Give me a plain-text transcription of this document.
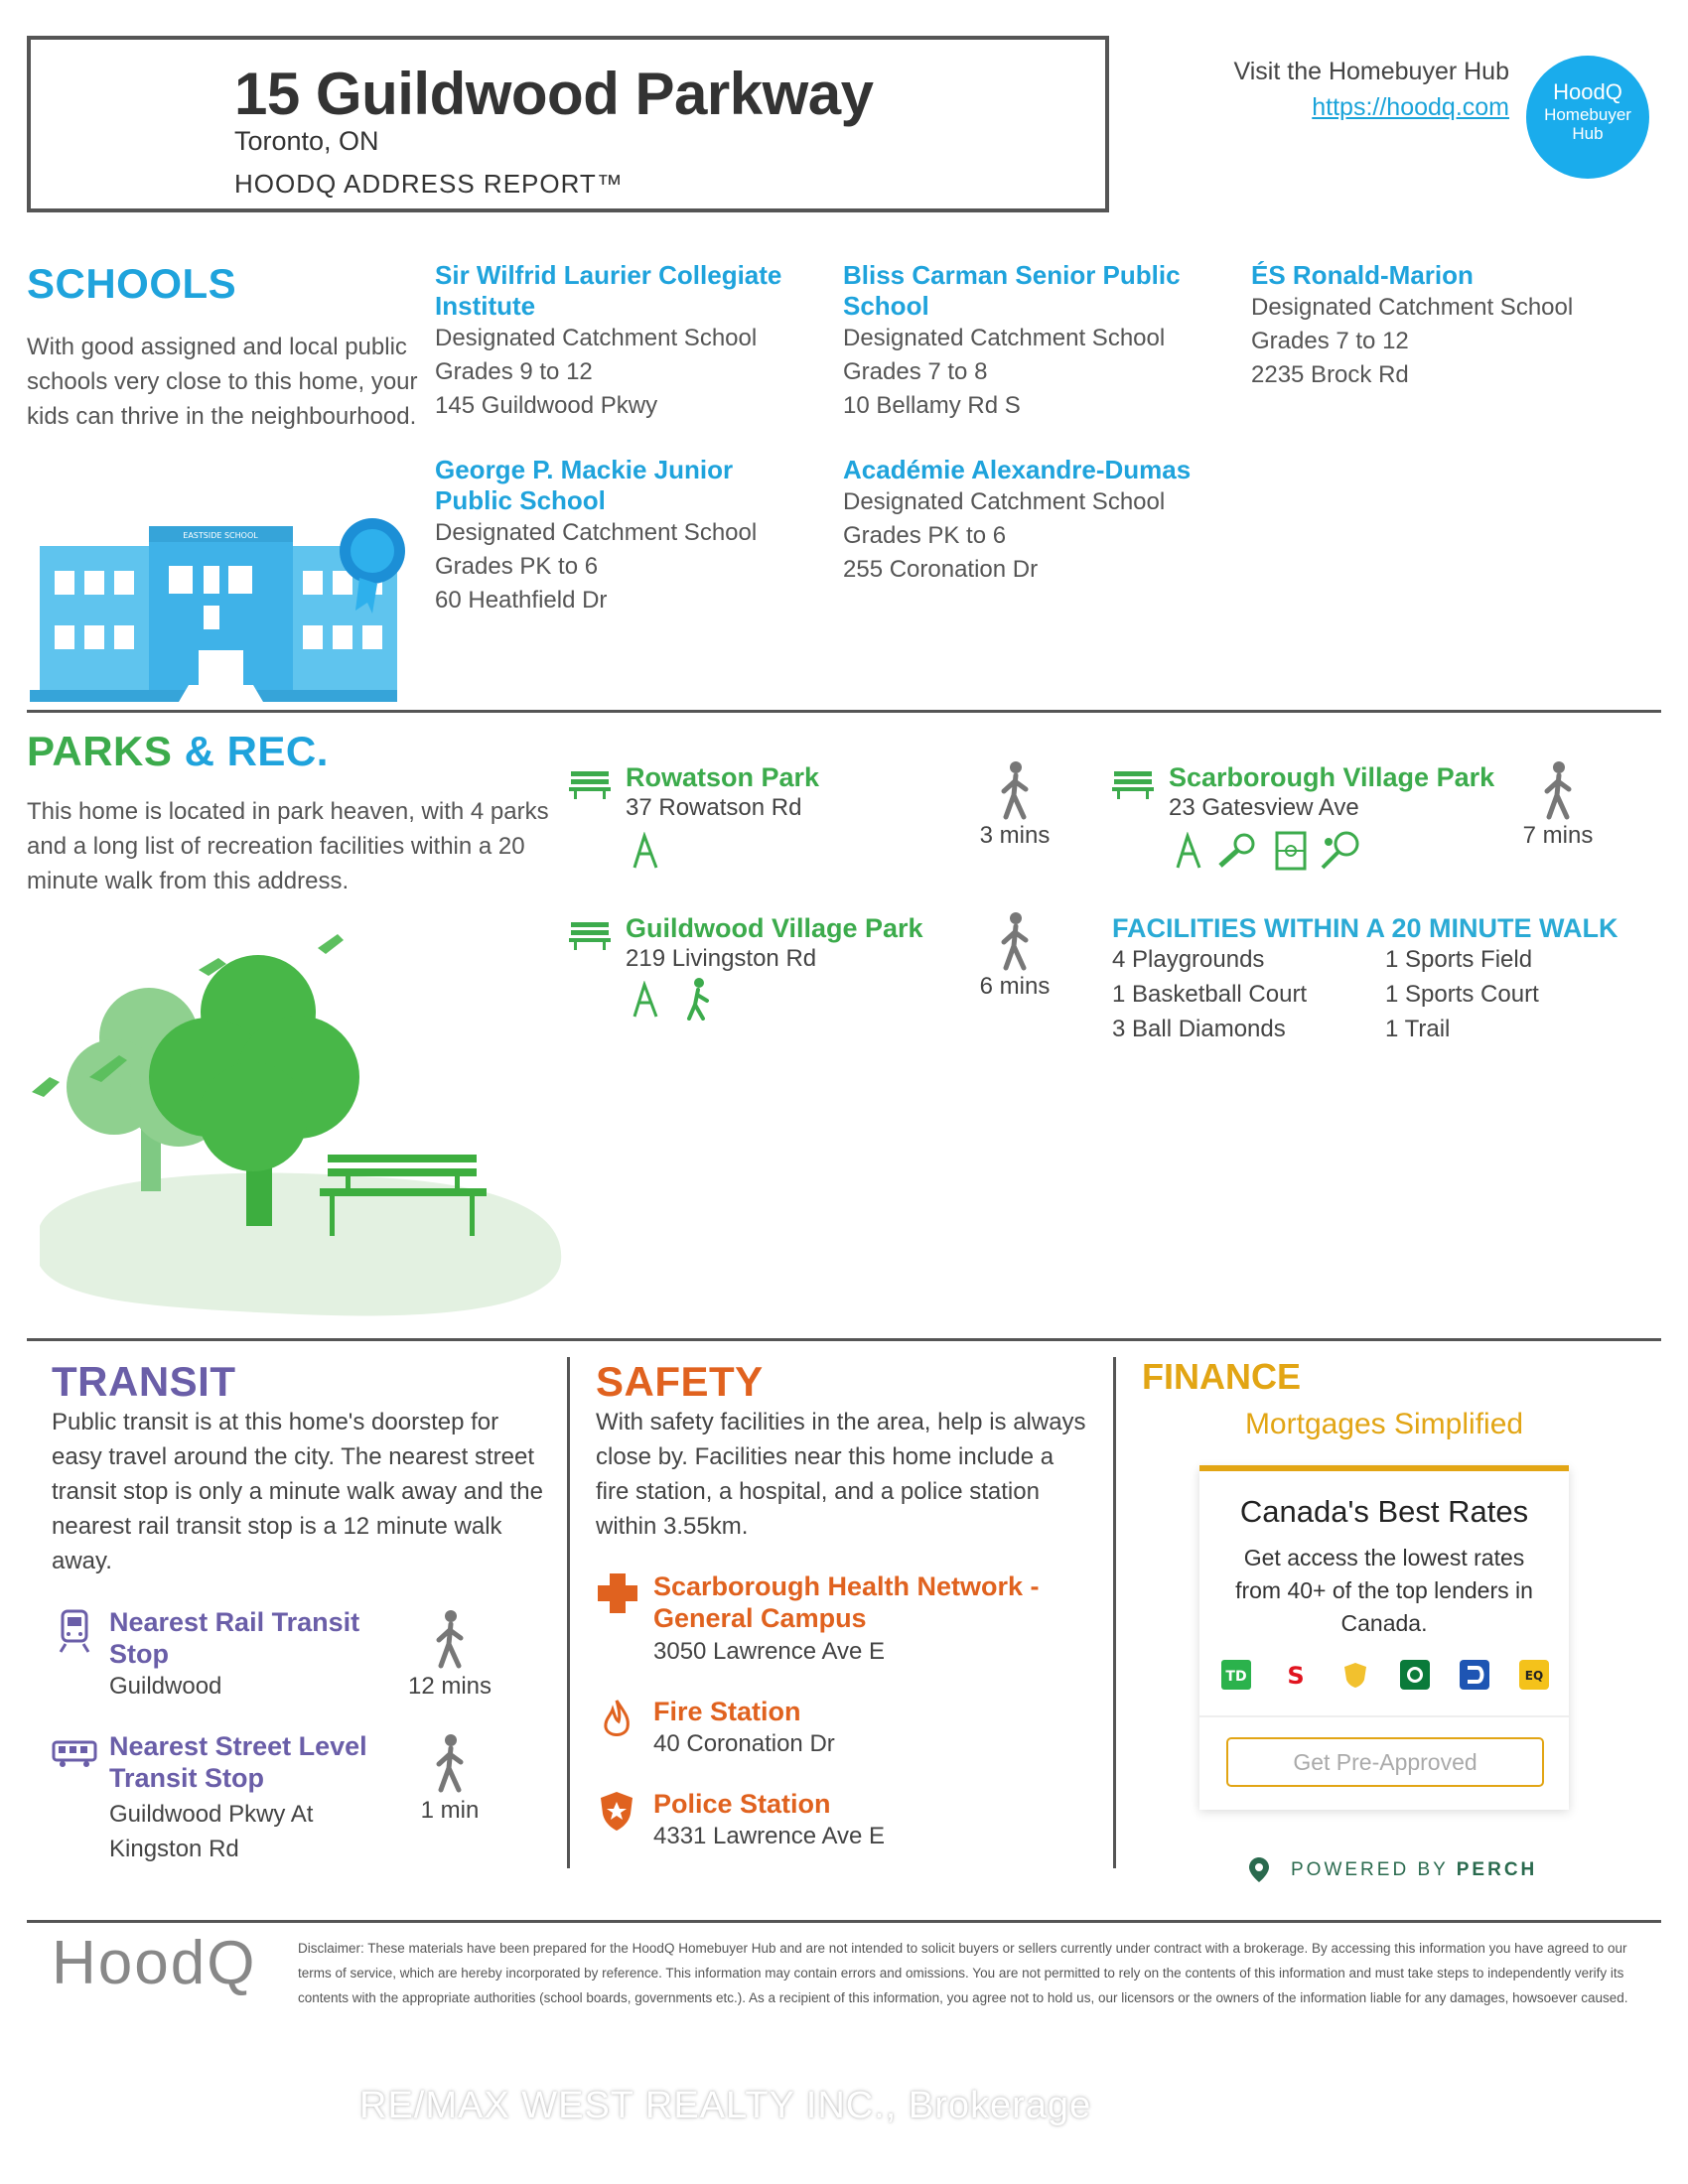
15 Guildwood Parkway
Toronto, ON
HOODQ ADDRESS REPORT™
Visit the Homebuyer Hub
https://hoodq.com
HoodQ
Homebuyer
Hub
SCHOOLS
With good assigned and local public schools very close to this home, your kids can thrive in the neighbourhood.
EASTSIDE SCHOOL
Sir Wilfrid Laurier Collegiate Institute
Designated Catchment School
Grades 9 to 12
145 Guildwood Pkwy
Bliss Carman Senior Public School
Designated Catchment School
Grades 7 to 8
10 Bellamy Rd S
ÉS Ronald-Marion
Designated Catchment School
Grades 7 to 12
2235 Brock Rd
George P. Mackie Junior Public School
Designated Catchment School
Grades PK to 6
60 Heathfield Dr
Académie Alexandre-Dumas
Designated Catchment School
Grades PK to 6
255 Coronation Dr
PARKS & REC.
This home is located in park heaven, with 4 parks and a long list of recreation facilities within a 20 minute walk from this address.
Rowatson Park
37 Rowatson Rd
3 mins
Scarborough Village Park
23 Gatesview Ave
7 mins
Guildwood Village Park
219 Livingston Rd
6 mins
FACILITIES WITHIN A 20 MINUTE WALK
4 Playgrounds	1 Sports Field
1 Basketball Court	1 Sports Court
3 Ball Diamonds	1 Trail
TRANSIT
Public transit is at this home's doorstep for easy travel around the city. The nearest street transit stop is only a minute walk away and the nearest rail transit stop is a 12 minute walk away.
Nearest Rail Transit Stop
Guildwood	12 mins
Nearest Street Level Transit Stop
Guildwood Pkwy At Kingston Rd
1 min
SAFETY
With safety facilities in the area, help is always close by. Facilities near this home include a fire station, a hospital, and a police station within 3.55km.
Scarborough Health Network - General Campus
3050 Lawrence Ave E
Fire Station
40 Coronation Dr
Police Station
4331 Lawrence Ave E
FINANCE
Mortgages Simplified
Canada's Best Rates
Get access the lowest rates from 40+ of the top lenders in Canada.
TD S	EQ
Get Pre-Approved
POWERED BY PERCH
HoodQ	Disclaimer: These materials have been prepared for the HoodQ Homebuyer Hub and are not intended to solicit buyers or sellers currently under contract with a brokerage. By accessing this information you have agreed to our terms of service, which are hereby incorporated by reference. This information may contain errors and omissions. You are not permitted to rely on the contents of this information and must take steps to independently verify its contents with the appropriate authorities (school boards, governments etc.). As a recipient of this information, you agree not to hold us, our licensors or the owners of the information liable for any damages, howsoever caused.
RE/MAX WEST REALTY INC., Brokerage
